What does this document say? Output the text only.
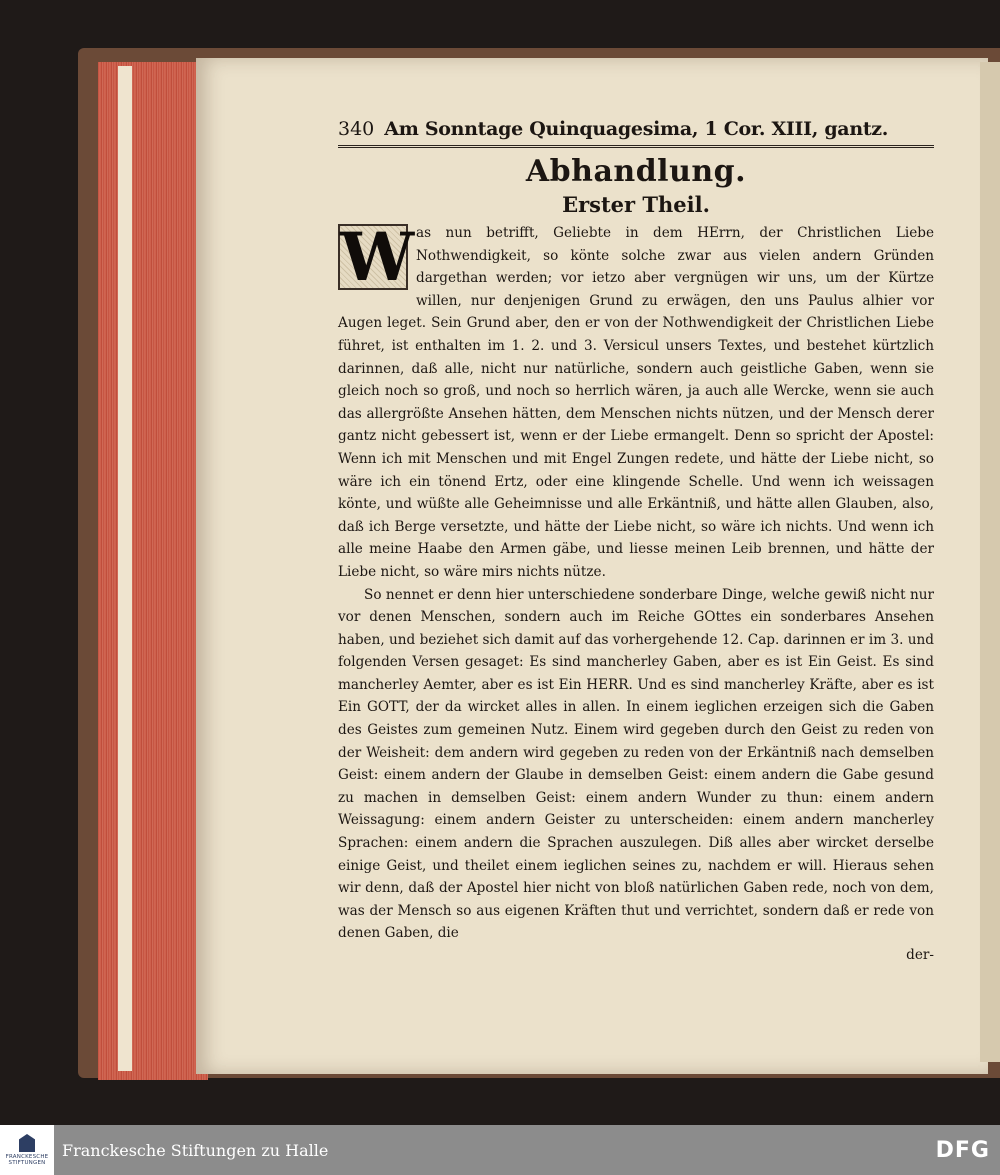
340 Am Sonntage Quinquagesima, 1 Cor. XIII, gantz.
Abhandlung.
Erster Theil.

W as nun betrifft, Geliebte in dem HErrn, der Christlichen Liebe Nothwendigkeit, so könte solche zwar aus vielen andern Gründen dargethan werden; vor ietzo aber vergnügen wir uns, um der Kürtze willen, nur denjenigen Grund zu erwägen, den uns Paulus alhier vor Augen leget. Sein Grund aber, den er von der Nothwendigkeit der Christlichen Liebe führet, ist enthalten im 1. 2. und 3. Versicul unsers Textes, und bestehet kürtzlich darinnen, daß alle, nicht nur natürliche, sondern auch geistliche Gaben, wenn sie gleich noch so groß, und noch so herrlich wären, ja auch alle Wercke, wenn sie auch das allergrößte Ansehen hätten, dem Menschen nichts nützen, und der Mensch derer gantz nicht gebessert ist, wenn er der Liebe ermangelt. Denn so spricht der Apostel: Wenn ich mit Menschen und mit Engel Zungen redete, und hätte der Liebe nicht, so wäre ich ein tönend Ertz, oder eine klingende Schelle. Und wenn ich weissagen könte, und wüßte alle Geheimnisse und alle Erkäntniß, und hätte allen Glauben, also, daß ich Berge versetzte, und hätte der Liebe nicht, so wäre ich nichts. Und wenn ich alle meine Haabe den Armen gäbe, und liesse meinen Leib brennen, und hätte der Liebe nicht, so wäre mirs nichts nütze.

So nennet er denn hier unterschiedene sonderbare Dinge, welche gewiß nicht nur vor denen Menschen, sondern auch im Reiche GOttes ein sonderbares Ansehen haben, und beziehet sich damit auf das vorhergehende 12. Cap. darinnen er im 3. und folgenden Versen gesaget: Es sind mancherley Gaben, aber es ist Ein Geist. Es sind mancherley Aemter, aber es ist Ein HERR. Und es sind mancherley Kräfte, aber es ist Ein GOTT, der da wircket alles in allen. In einem ieglichen erzeigen sich die Gaben des Geistes zum gemeinen Nutz. Einem wird gegeben durch den Geist zu reden von der Weisheit: dem andern wird gegeben zu reden von der Erkäntniß nach demselben Geist: einem andern der Glaube in demselben Geist: einem andern die Gabe gesund zu machen in demselben Geist: einem andern Wunder zu thun: einem andern Weissagung: einem andern Geister zu unterscheiden: einem andern mancherley Sprachen: einem andern die Sprachen auszulegen. Diß alles aber wircket derselbe einige Geist, und theilet einem ieglichen seines zu, nachdem er will. Hieraus sehen wir denn, daß der Apostel hier nicht von bloß natürlichen Gaben rede, noch von dem, was der Mensch so aus eigenen Kräften thut und verrichtet, sondern daß er rede von denen Gaben, die

der-
FRANCKESCHE STIFTUNGEN
Franckesche Stiftungen zu Halle	DFG
